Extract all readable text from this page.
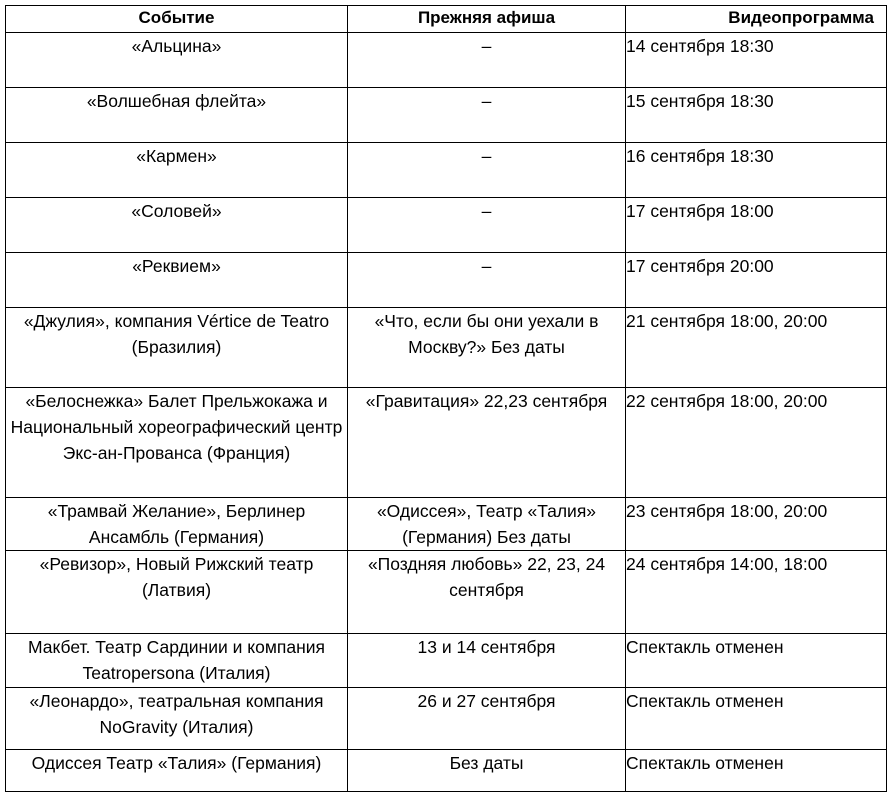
Событие	Прежняя афиша	Видеопрограмма
«Альцина»	–	14 сентября 18:30
«Волшебная флейта»	–	15 сентября 18:30
«Кармен»	–	16 сентября 18:30
«Соловей»	–	17 сентября 18:00
«Реквием»	–	17 сентября 20:00
«Джулия», компания Vértice de Teatro (Бразилия)	«Что, если бы они уехали в Москву?» Без даты	21 сентября 18:00, 20:00
«Белоснежка» Балет Прельжокажа и Национальный хореографический центр Экс-ан-Прованса (Франция)	«Гравитация» 22,23 сентября	22 сентября 18:00, 20:00
«Трамвай Желание», Берлинер Ансамбль (Германия)	«Одиссея», Театр «Талия» (Германия) Без даты	23 сентября 18:00, 20:00
«Ревизор», Новый Рижский театр (Латвия)	«Поздняя любовь» 22, 23, 24 сентября	24 сентября 14:00, 18:00
Макбет. Театр Сардинии и компания Teatropersona (Италия)	13 и 14 сентября	Спектакль отменен
«Леонардо», театральная компания NoGravity (Италия)	26 и 27 сентября	Спектакль отменен
Одиссея Театр «Талия» (Германия)	Без даты	Спектакль отменен
